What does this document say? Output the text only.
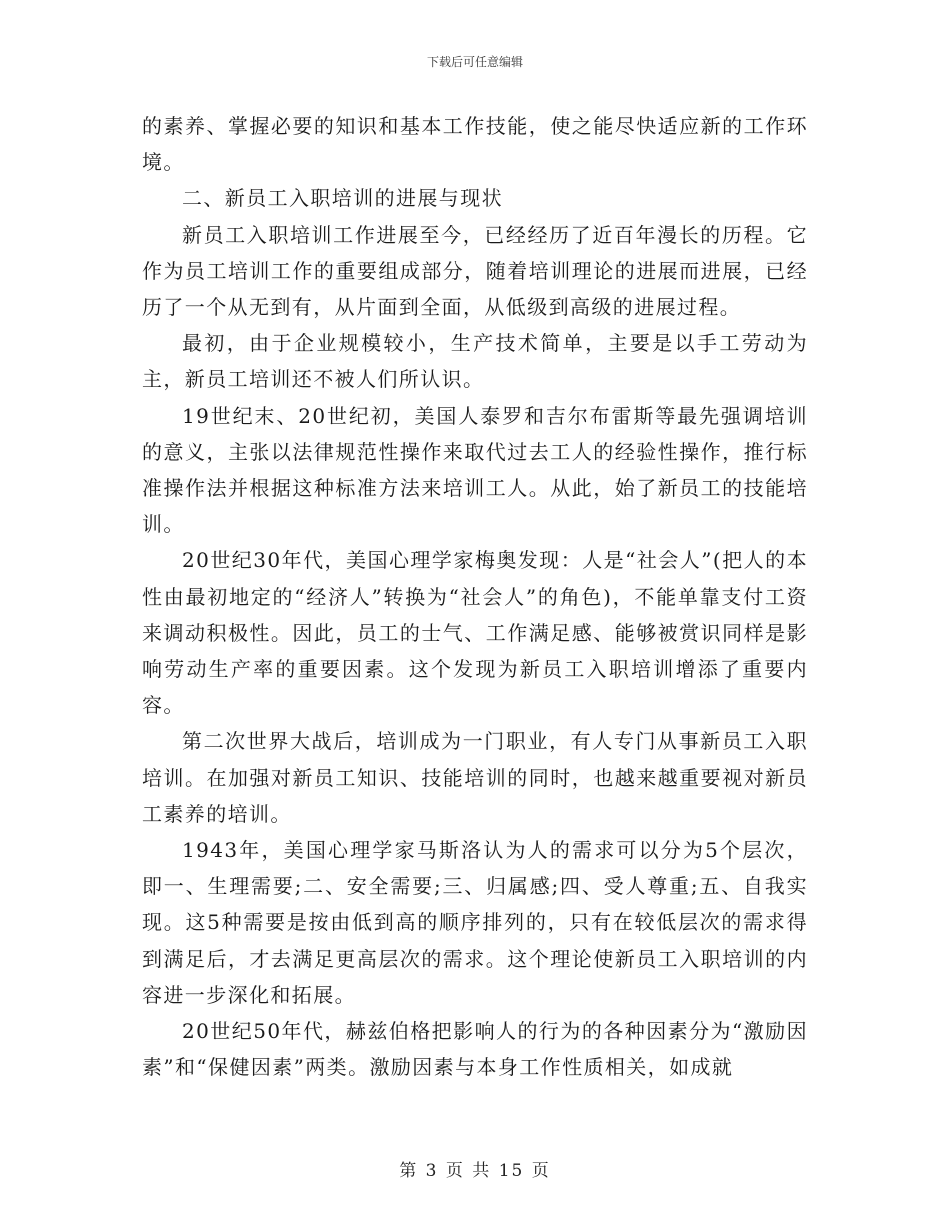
下载后可任意编辑

的素养、掌握必要的知识和基本工作技能，使之能尽快适应新的工作环境。

二、新员工入职培训的进展与现状

新员工入职培训工作进展至今，已经经历了近百年漫长的历程。它作为员工培训工作的重要组成部分，随着培训理论的进展而进展，已经历了一个从无到有，从片面到全面，从低级到高级的进展过程。

最初，由于企业规模较小，生产技术简单，主要是以手工劳动为主，新员工培训还不被人们所认识。

19世纪末、20世纪初，美国人泰罗和吉尔布雷斯等最先强调培训的意义，主张以法律规范性操作来取代过去工人的经验性操作，推行标准操作法并根据这种标准方法来培训工人。从此，始了新员工的技能培训。

20世纪30年代，美国心理学家梅奥发现：人是“社会人”(把人的本性由最初地定的“经济人”转换为“社会人”的角色)，不能单靠支付工资来调动积极性。因此，员工的士气、工作满足感、能够被赏识同样是影响劳动生产率的重要因素。这个发现为新员工入职培训增添了重要内容。

第二次世界大战后，培训成为一门职业，有人专门从事新员工入职培训。在加强对新员工知识、技能培训的同时，也越来越重要视对新员工素养的培训。

1943年，美国心理学家马斯洛认为人的需求可以分为5个层次，即一、生理需要;二、安全需要;三、归属感;四、受人尊重;五、自我实现。这5种需要是按由低到高的顺序排列的，只有在较低层次的需求得到满足后，才去满足更高层次的需求。这个理论使新员工入职培训的内容进一步深化和拓展。

20世纪50年代，赫兹伯格把影响人的行为的各种因素分为“激励因素”和“保健因素”两类。激励因素与本身工作性质相关，如成就

第 3 页 共 15 页
